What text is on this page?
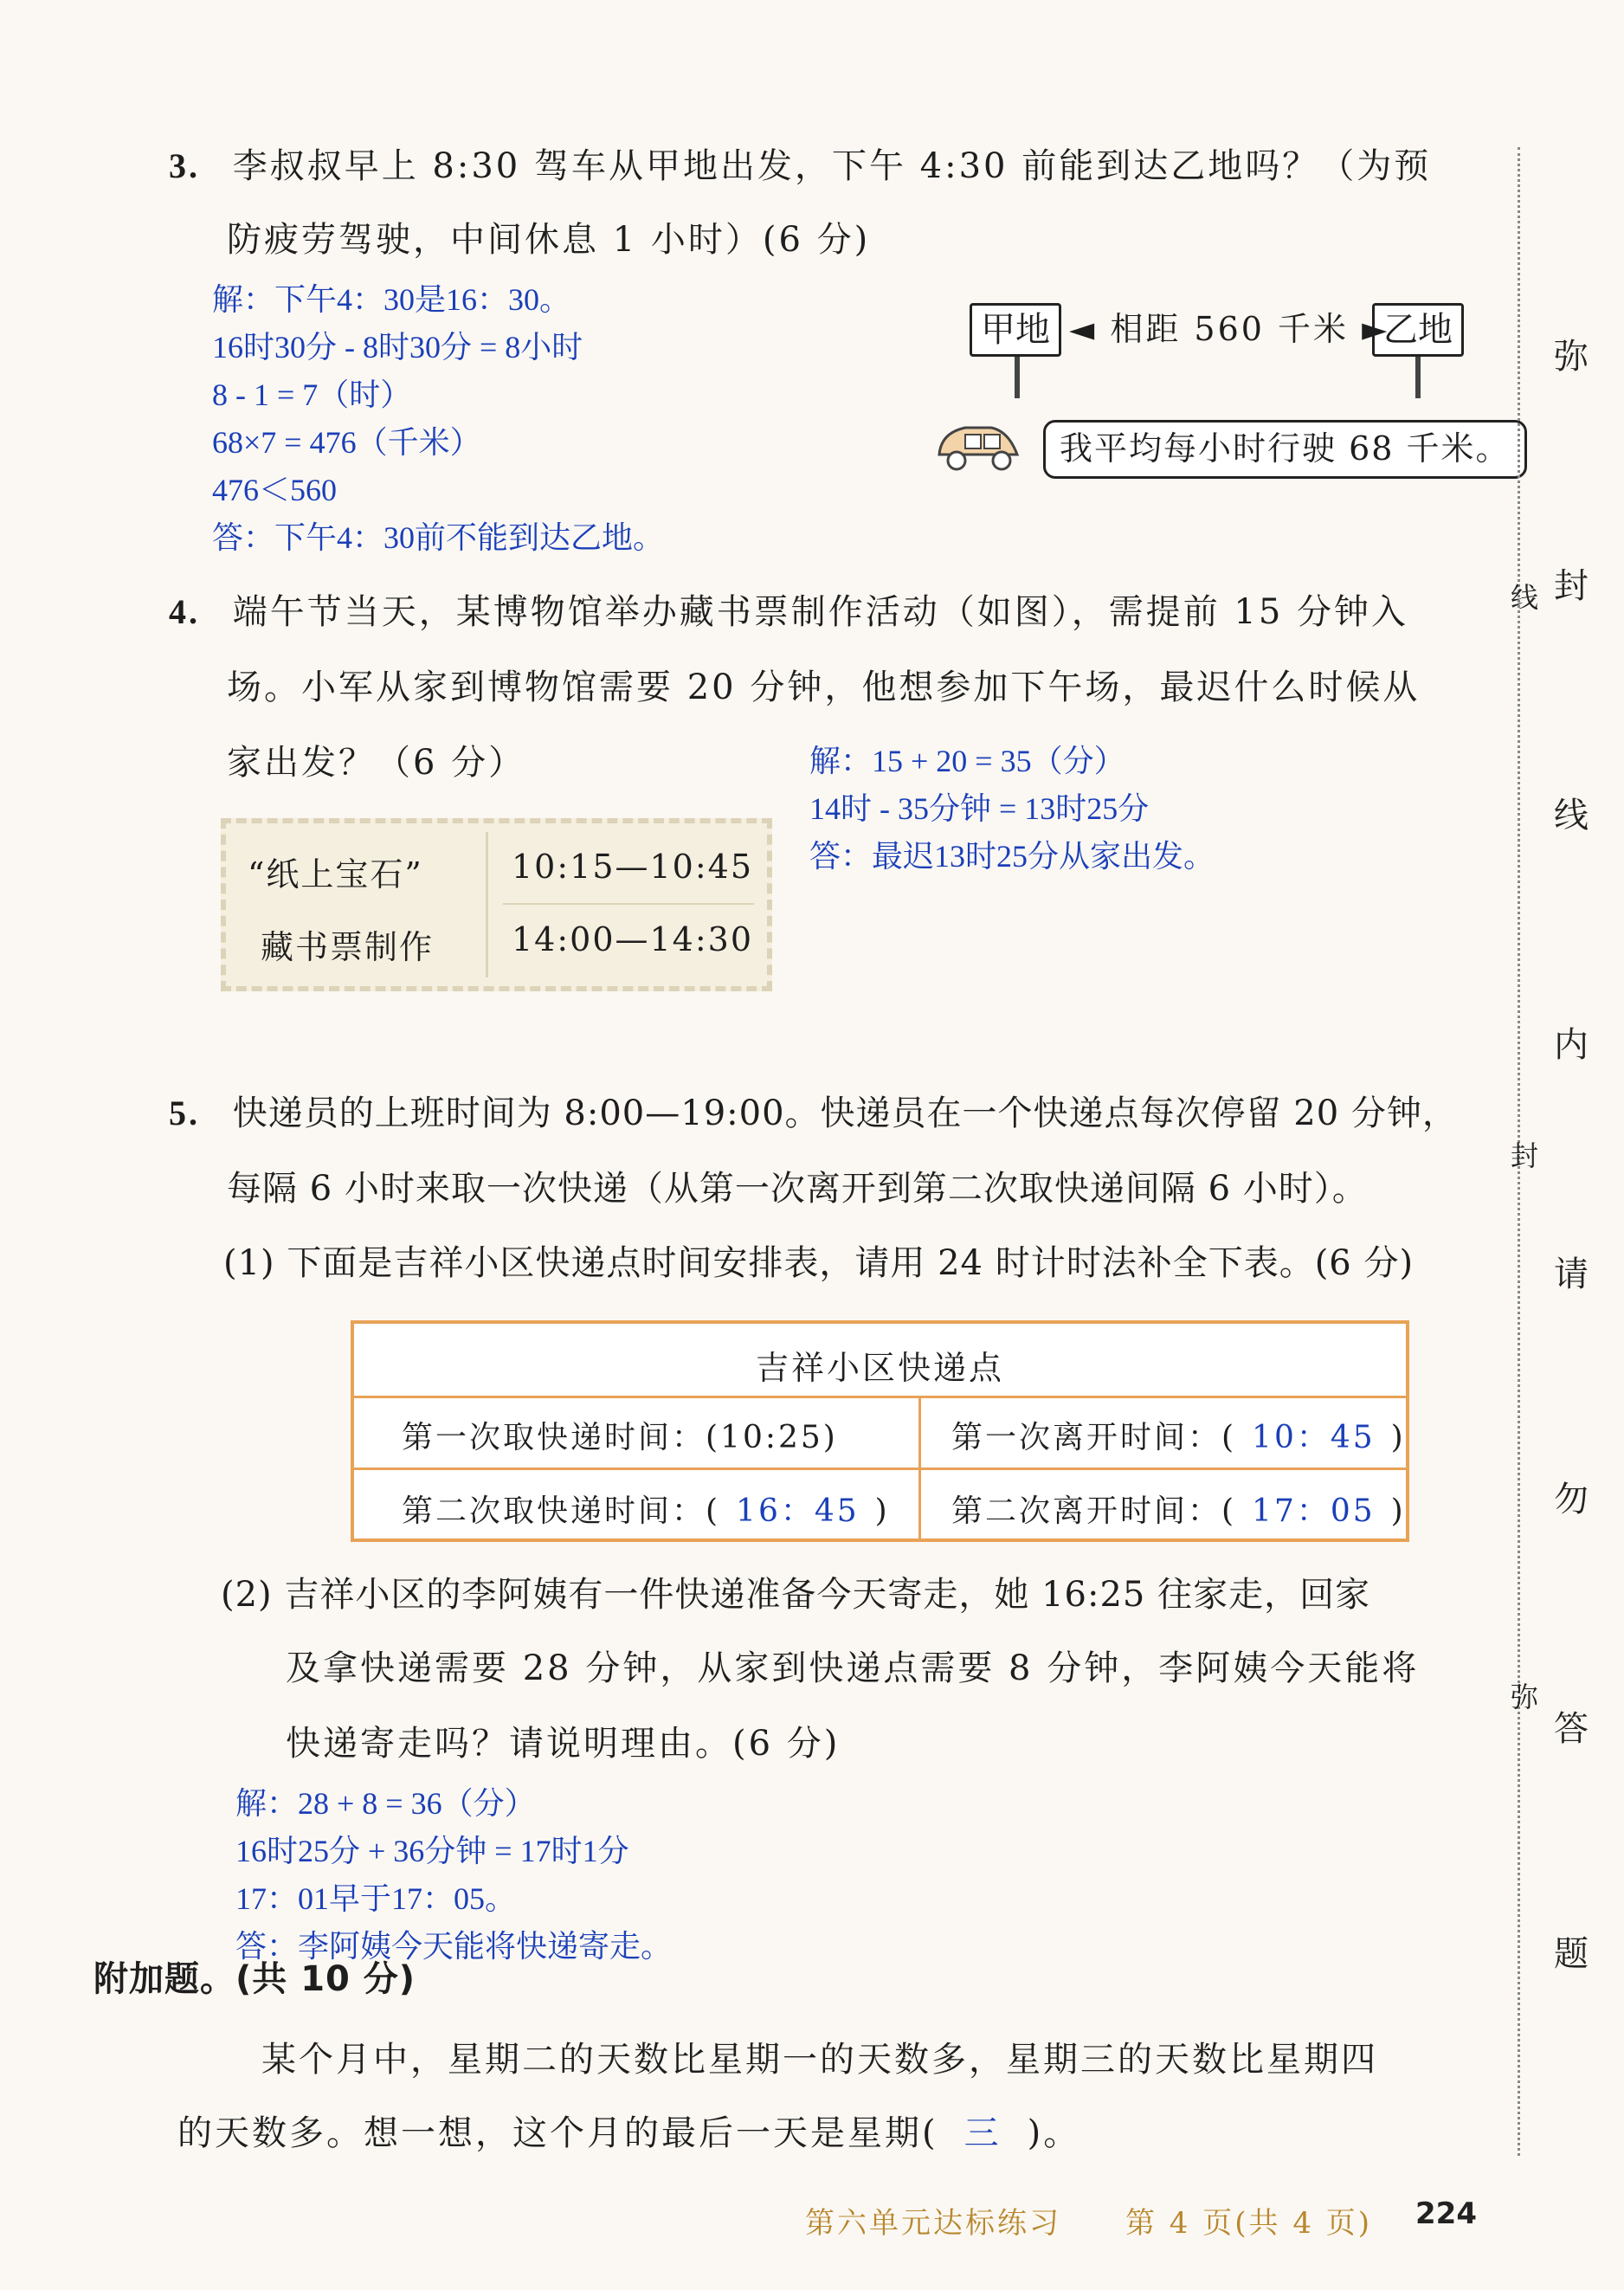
3. 李叔叔早上 8:30 驾车从甲地出发，下午 4:30 前能到达乙地吗？（为预
防疲劳驾驶，中间休息 1 小时）(6 分)
解：下午4：30是16：30。
16时30分 - 8时30分 = 8小时
8 - 1 = 7（时）
68×7 = 476（千米）
476＜560
答：下午4：30前不能到达乙地。
甲地	乙地
◄ 相距 560 千米 ►
我平均每小时行驶 68 千米。
4. 端午节当天，某博物馆举办藏书票制作活动（如图），需提前 15 分钟入
场。小军从家到博物馆需要 20 分钟，他想参加下午场，最迟什么时候从
家出发？（6 分）
“纸上宝石”	10:15—10:45
藏书票制作 14:00—14:30
解：15 + 20 = 35（分）
14时 - 35分钟 = 13时25分
答：最迟13时25分从家出发。
5. 快递员的上班时间为 8:00—19:00。快递员在一个快递点每次停留 20 分钟，
每隔 6 小时来取一次快递（从第一次离开到第二次取快递间隔 6 小时）。
(1) 下面是吉祥小区快递点时间安排表，请用 24 时计时法补全下表。(6 分)
吉祥小区快递点
第一次取快递时间：(10:25)	第一次离开时间：( 10：45 )
第二次取快递时间：( 16：45 ) 第二次离开时间：( 17：05 )
(2) 吉祥小区的李阿姨有一件快递准备今天寄走，她 16:25 往家走，回家
及拿快递需要 28 分钟，从家到快递点需要 8 分钟，李阿姨今天能将
快递寄走吗？请说明理由。(6 分)
解：28 + 8 = 36（分）
16时25分 + 36分钟 = 17时1分
17：01早于17：05。
答：李阿姨今天能将快递寄走。
附加题。(共 10 分)
某个月中，星期二的天数比星期一的天数多，星期三的天数比星期四
的天数多。想一想，这个月的最后一天是星期( 三 )。
线
封
弥
弥
封
线
内
请
勿
答
题
第六单元达标练习 第 4 页(共 4 页) 224
